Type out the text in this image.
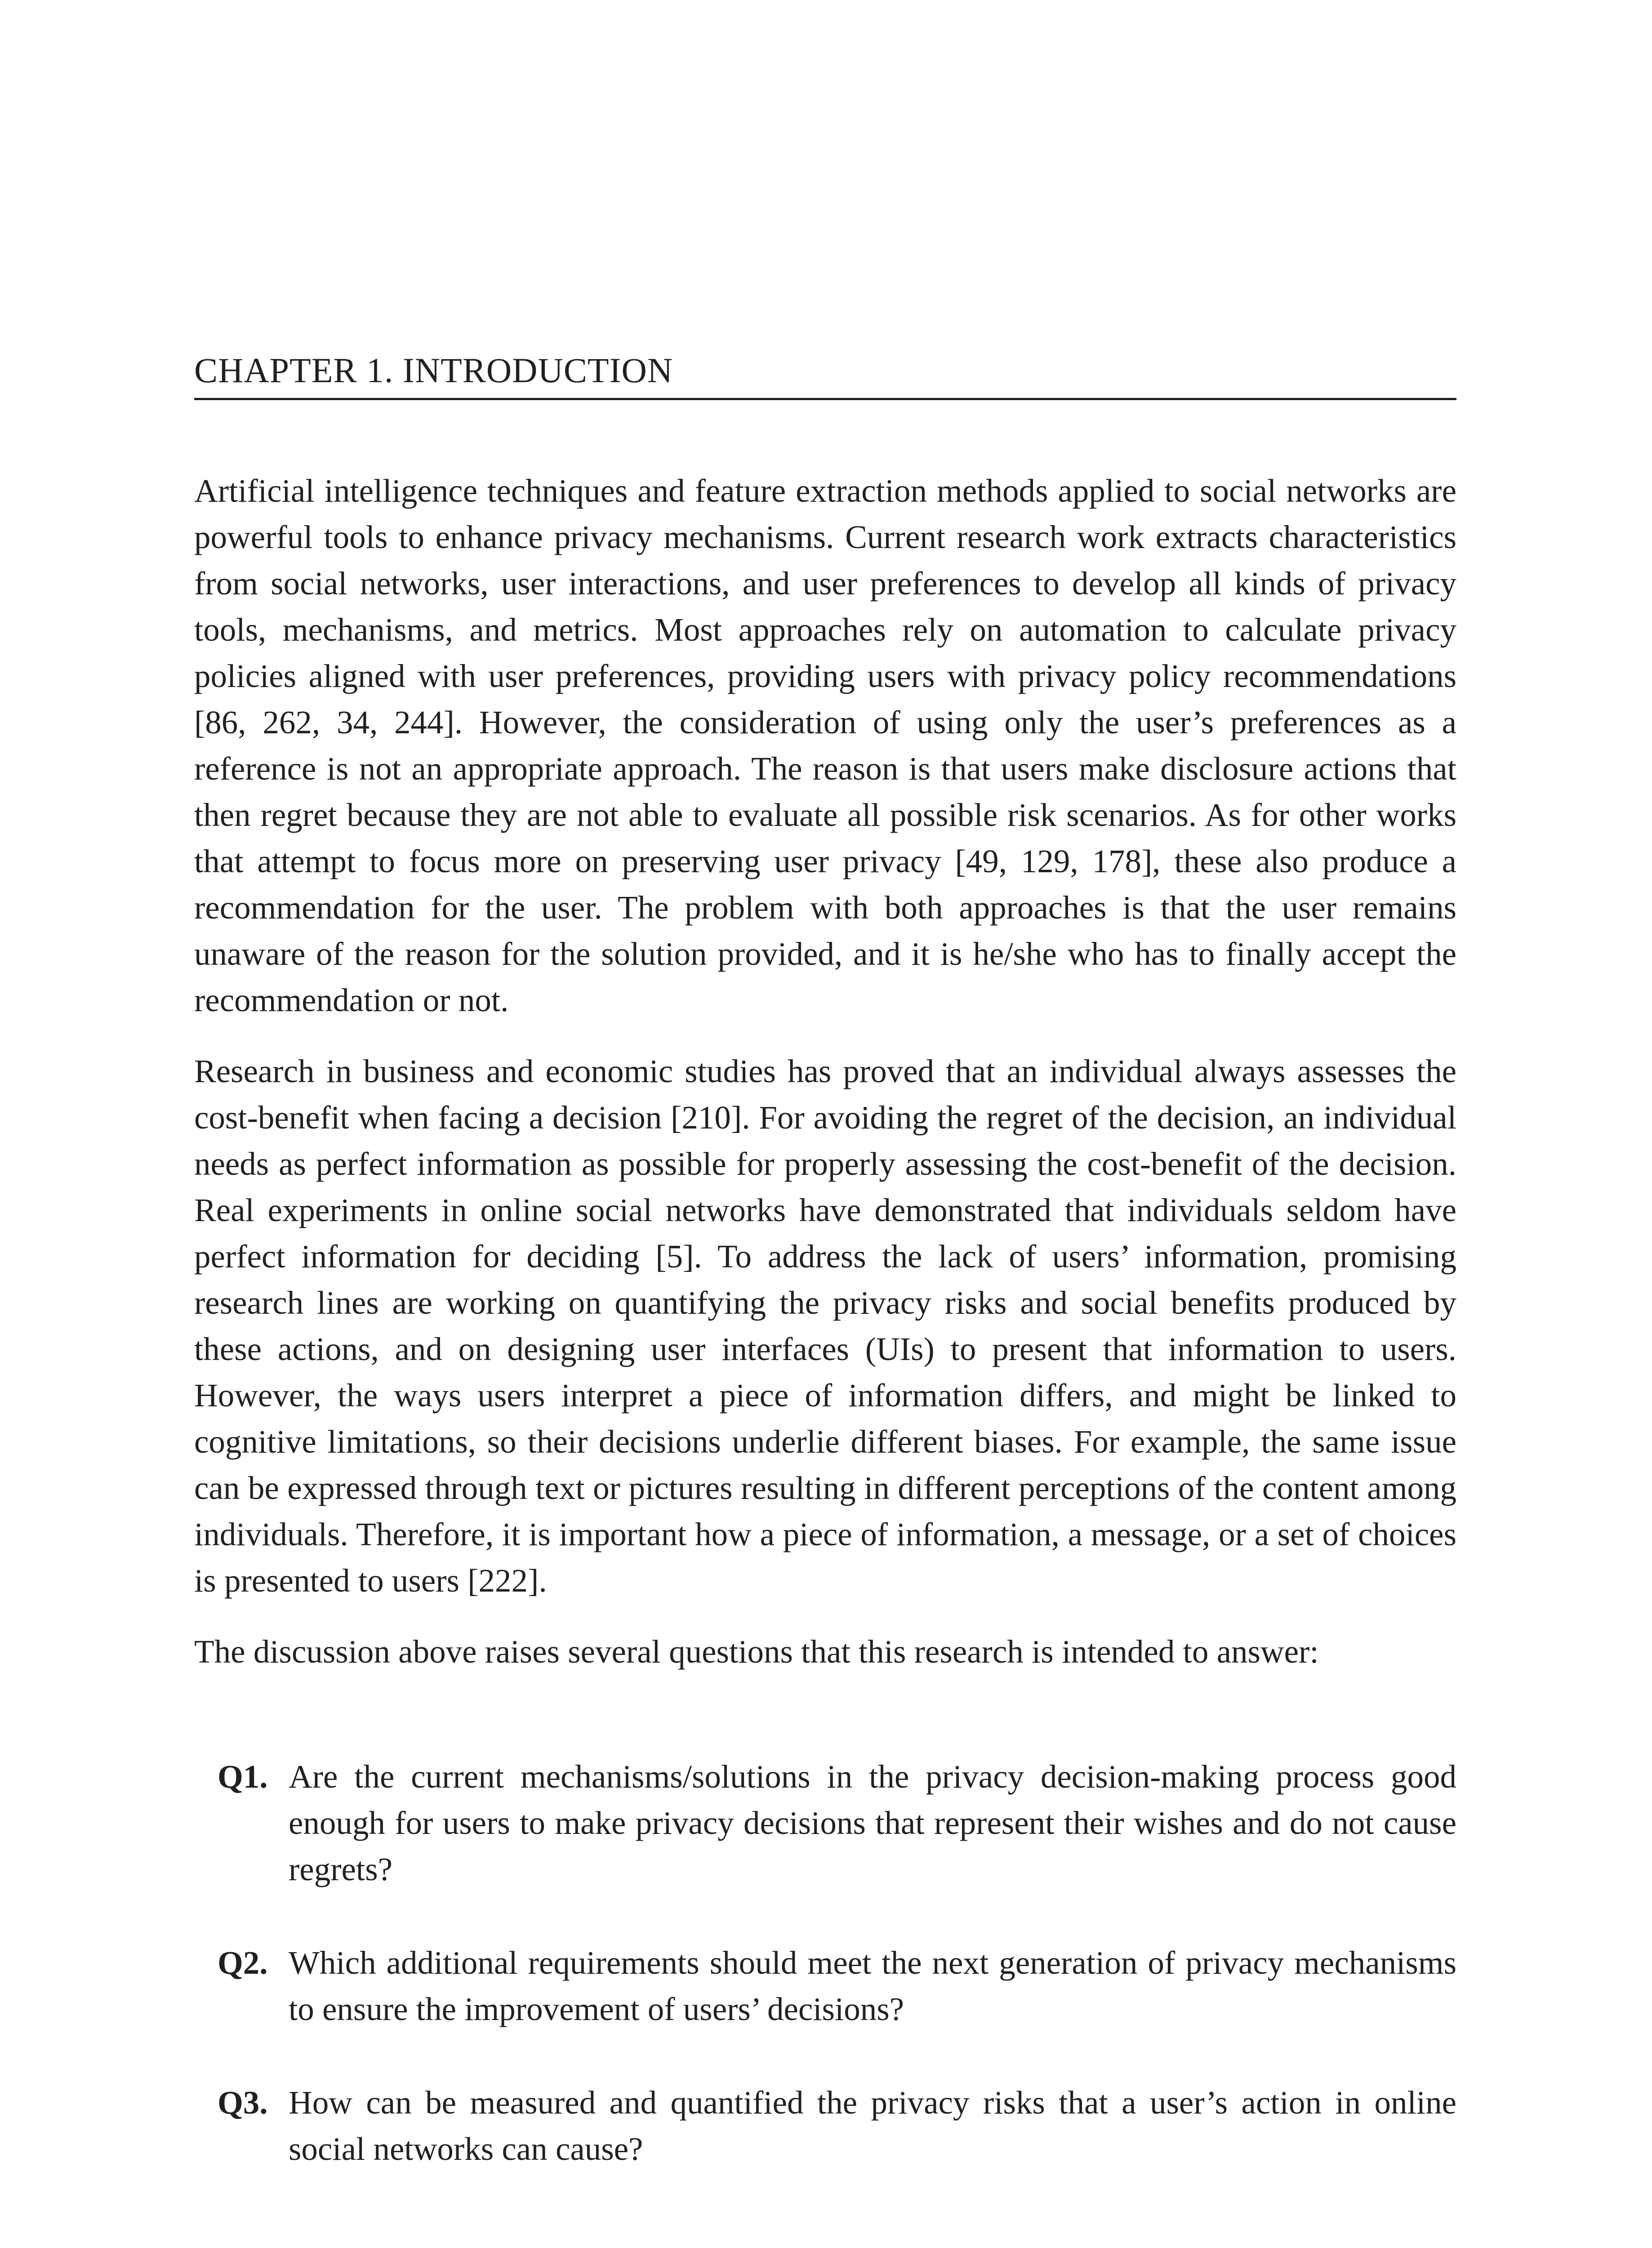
CHAPTER 1. INTRODUCTION

Artificial intelligence techniques and feature extraction methods applied to social networks are powerful tools to enhance privacy mechanisms. Current research work extracts characteristics from social networks, user interactions, and user preferences to develop all kinds of privacy tools, mechanisms, and metrics. Most approaches rely on automation to calculate privacy policies aligned with user preferences, providing users with privacy policy recommendations [86, 262, 34, 244]. However, the consideration of using only the user’s preferences as a reference is not an appropriate approach. The reason is that users make disclosure actions that then regret because they are not able to evaluate all possible risk scenarios. As for other works that attempt to focus more on preserving user privacy [49, 129, 178], these also produce a recommendation for the user. The problem with both approaches is that the user remains unaware of the reason for the solution provided, and it is he/she who has to finally accept the recommendation or not.

Research in business and economic studies has proved that an individual always assesses the cost-benefit when facing a decision [210]. For avoiding the regret of the decision, an individual needs as perfect information as possible for properly assessing the cost-benefit of the decision. Real experiments in online social networks have demonstrated that individuals seldom have perfect information for deciding [5]. To address the lack of users’ information, promising research lines are working on quantifying the privacy risks and social benefits produced by these actions, and on designing user interfaces (UIs) to present that information to users. However, the ways users interpret a piece of information differs, and might be linked to cognitive limitations, so their decisions underlie different biases. For example, the same issue can be expressed through text or pictures resulting in different perceptions of the content among individuals. Therefore, it is important how a piece of information, a message, or a set of choices is presented to users [222].

The discussion above raises several questions that this research is intended to answer:

Q1. Are the current mechanisms/solutions in the privacy decision-making process good enough for users to make privacy decisions that represent their wishes and do not cause regrets?
Q2. Which additional requirements should meet the next generation of privacy mechanisms to ensure the improvement of users’ decisions?
Q3. How can be measured and quantified the privacy risks that a user’s action in online social networks can cause?
